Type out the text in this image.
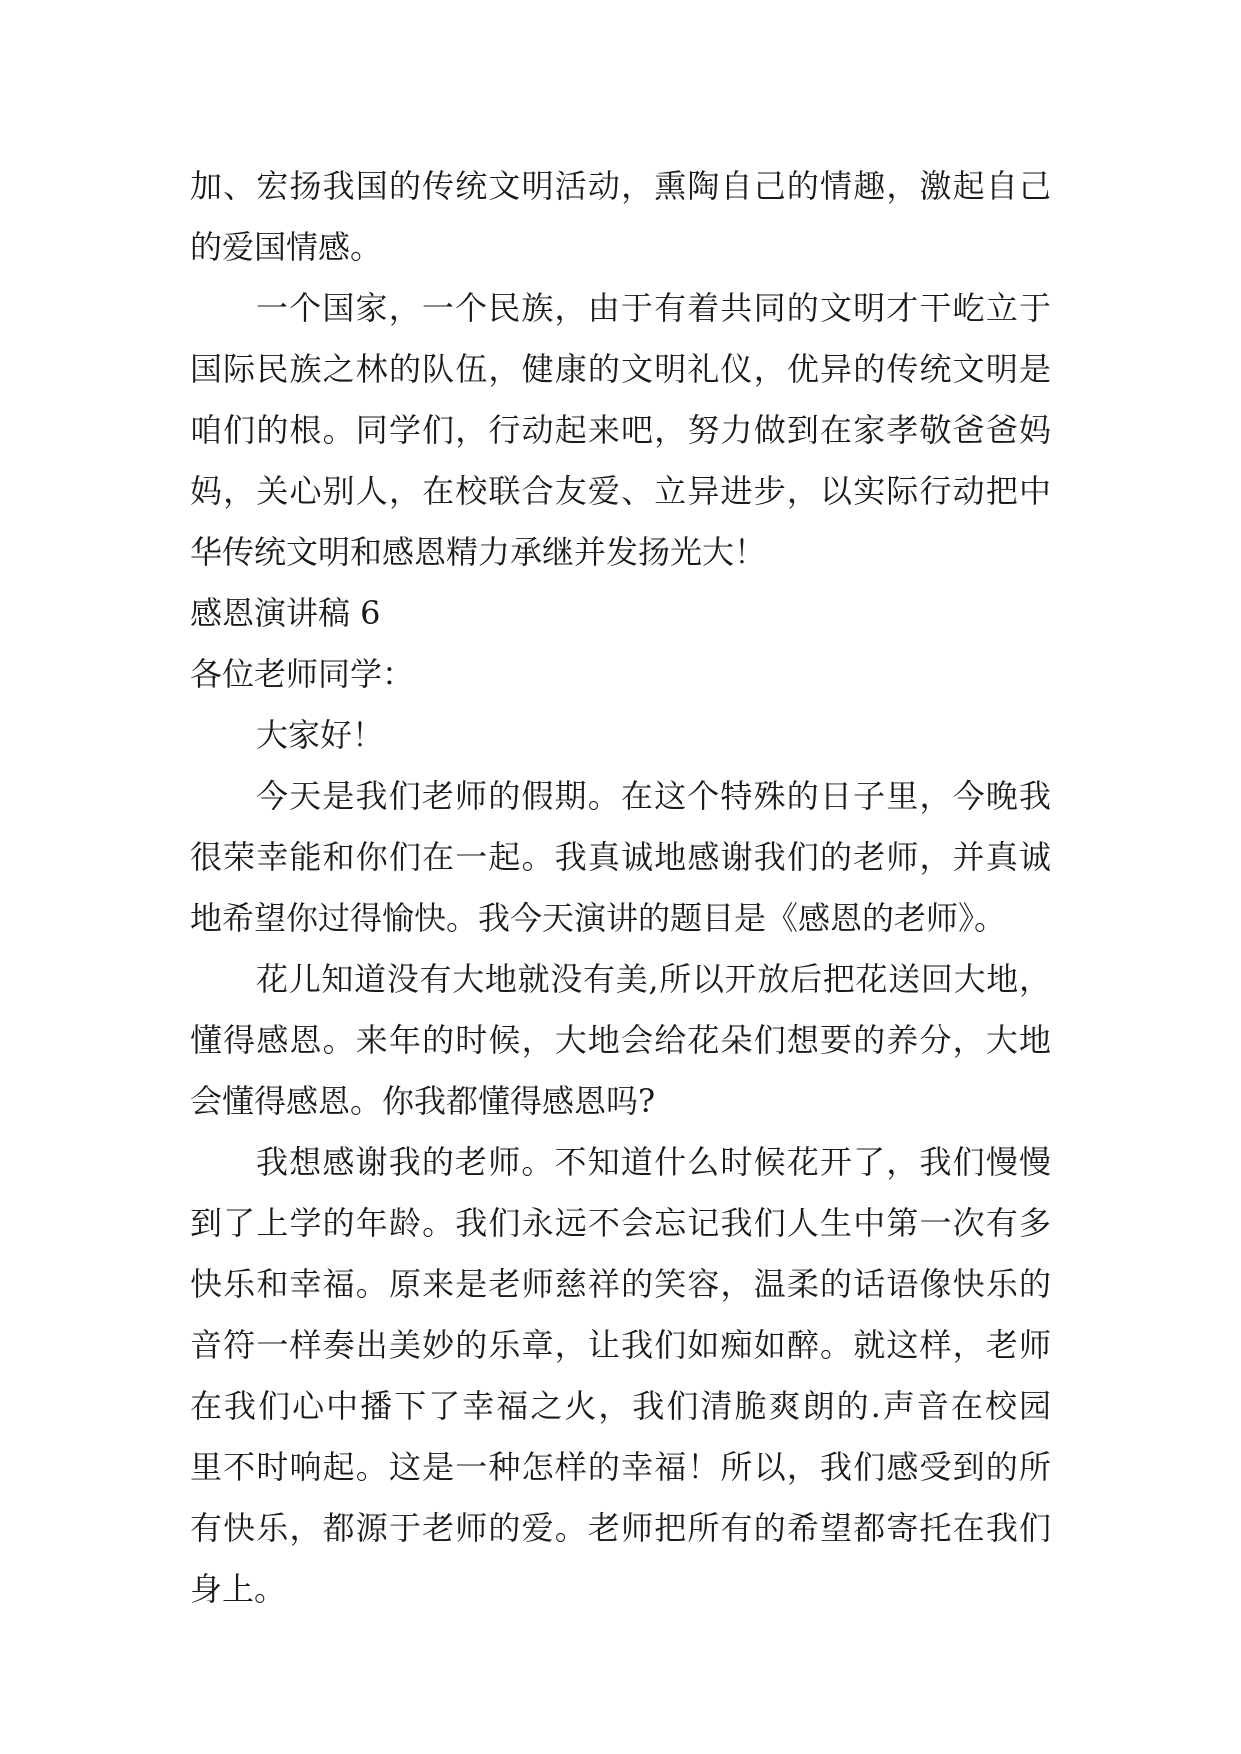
加、宏扬我国的传统文明活动，熏陶自己的情趣，激起自己
的爱国情感。
一个国家，一个民族，由于有着共同的文明才干屹立于
国际民族之林的队伍，健康的文明礼仪，优异的传统文明是
咱们的根。同学们，行动起来吧，努力做到在家孝敬爸爸妈
妈，关心别人，在校联合友爱、立异进步，以实际行动把中
华传统文明和感恩精力承继并发扬光大！
感恩演讲稿 6
各位老师同学：
大家好！
今天是我们老师的假期。在这个特殊的日子里，今晚我
很荣幸能和你们在一起。我真诚地感谢我们的老师，并真诚
地希望你过得愉快。我今天演讲的题目是《感恩的老师》。
花儿知道没有大地就没有美,所以开放后把花送回大地，
懂得感恩。来年的时候，大地会给花朵们想要的养分，大地
会懂得感恩。你我都懂得感恩吗?
我想感谢我的老师。不知道什么时候花开了，我们慢慢
到了上学的年龄。我们永远不会忘记我们人生中第一次有多
快乐和幸福。原来是老师慈祥的笑容，温柔的话语像快乐的
音符一样奏出美妙的乐章，让我们如痴如醉。就这样，老师
在我们心中播下了幸福之火，我们清脆爽朗的.声音在校园
里不时响起。这是一种怎样的幸福！所以，我们感受到的所
有快乐，都源于老师的爱。老师把所有的希望都寄托在我们
身上。
